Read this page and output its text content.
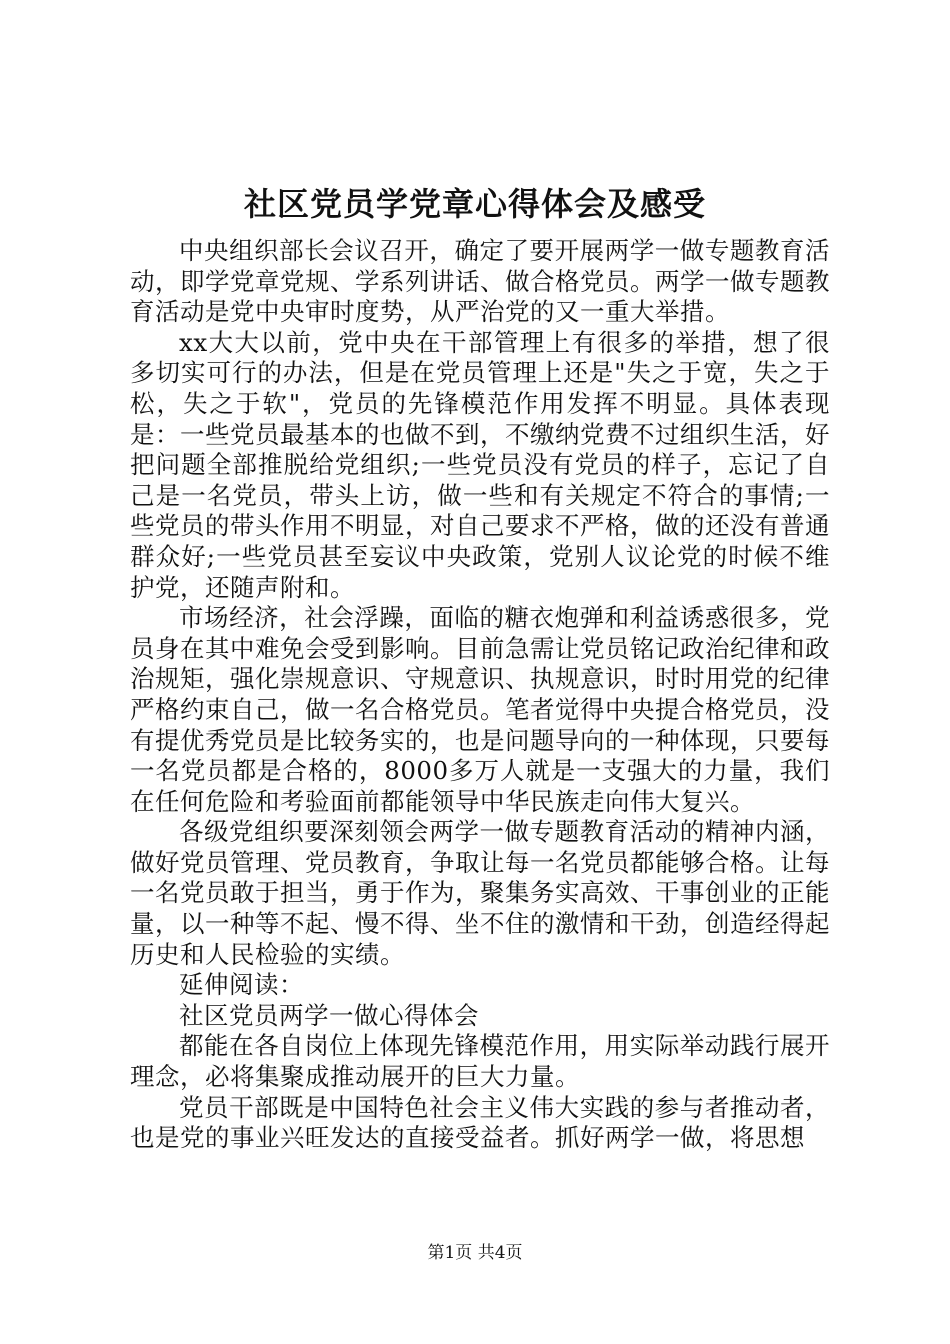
社区党员学党章心得体会及感受

中央组织部长会议召开，确定了要开展两学一做专题教育活动，即学党章党规、学系列讲话、做合格党员。两学一做专题教育活动是党中央审时度势，从严治党的又一重大举措。

xx大大以前，党中央在干部管理上有很多的举措，想了很多切实可行的办法，但是在党员管理上还是"失之于宽，失之于松，失之于软"，党员的先锋模范作用发挥不明显。具体表现是：一些党员最基本的也做不到，不缴纳党费不过组织生活，好把问题全部推脱给党组织;一些党员没有党员的样子，忘记了自己是一名党员，带头上访，做一些和有关规定不符合的事情;一些党员的带头作用不明显，对自己要求不严格，做的还没有普通群众好;一些党员甚至妄议中央政策，党别人议论党的时候不维护党，还随声附和。

市场经济，社会浮躁，面临的糖衣炮弹和利益诱惑很多，党员身在其中难免会受到影响。目前急需让党员铭记政治纪律和政治规矩，强化崇规意识、守规意识、执规意识，时时用党的纪律严格约束自己，做一名合格党员。笔者觉得中央提合格党员，没有提优秀党员是比较务实的，也是问题导向的一种体现，只要每一名党员都是合格的，8000多万人就是一支强大的力量，我们在任何危险和考验面前都能领导中华民族走向伟大复兴。

各级党组织要深刻领会两学一做专题教育活动的精神内涵，做好党员管理、党员教育，争取让每一名党员都能够合格。让每一名党员敢于担当，勇于作为，聚集务实高效、干事创业的正能量，以一种等不起、慢不得、坐不住的激情和干劲，创造经得起历史和人民检验的实绩。

延伸阅读：

社区党员两学一做心得体会

都能在各自岗位上体现先锋模范作用，用实际举动践行展开理念，必将集聚成推动展开的巨大力量。

党员干部既是中国特色社会主义伟大实践的参与者推动者，也是党的事业兴旺发达的直接受益者。抓好两学一做，将思想

第1页 共4页
